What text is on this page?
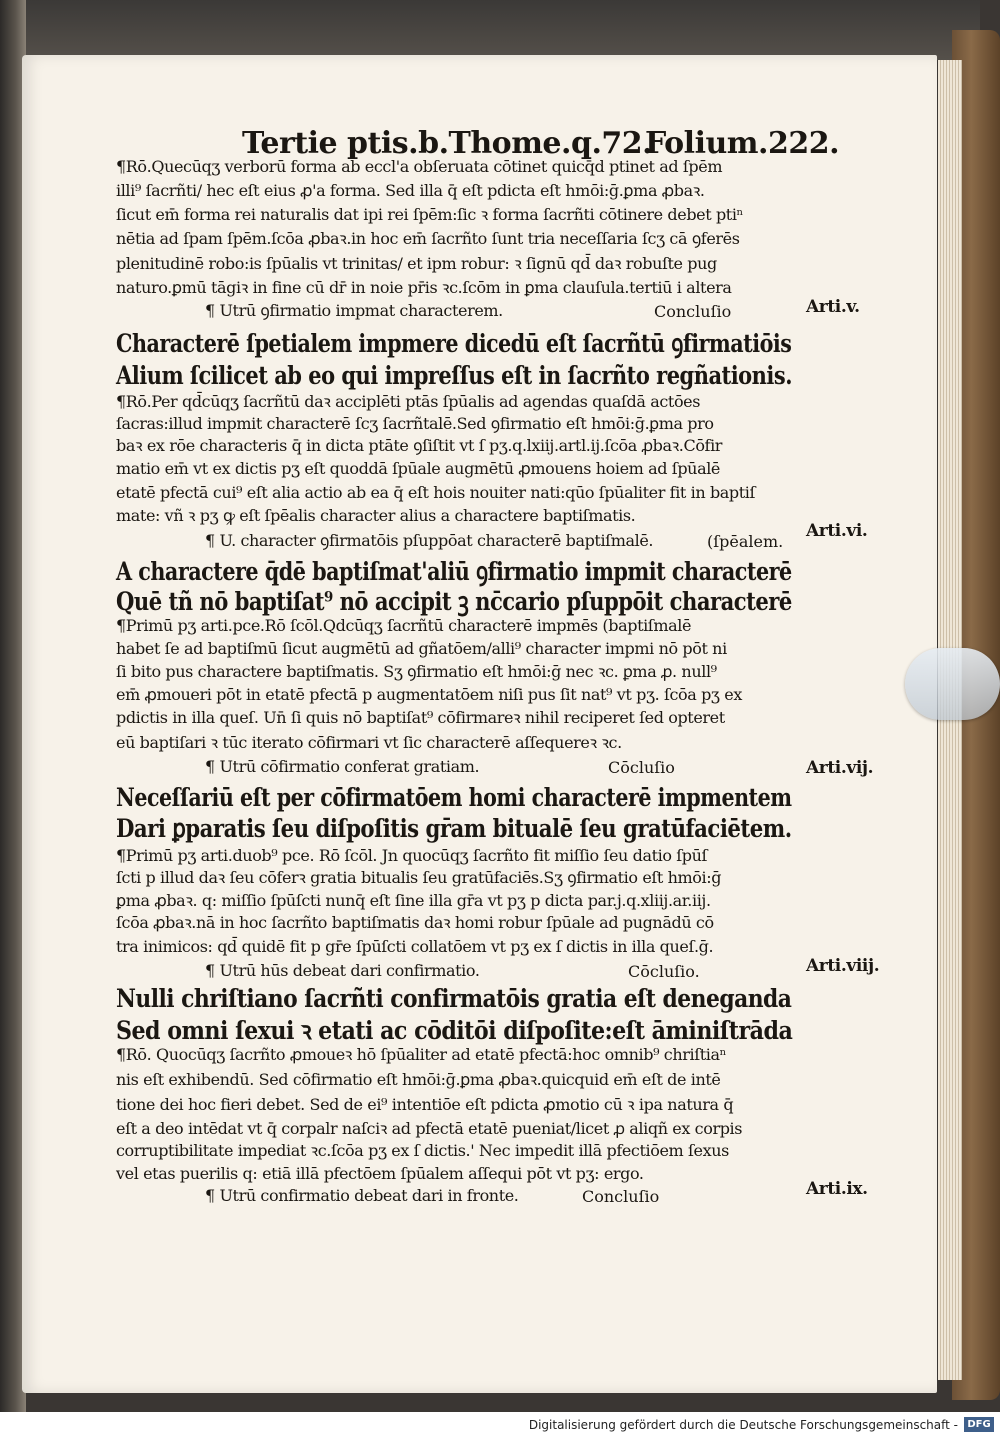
Tertie ptis.b.Thome.q.72.
Folium.222.
¶Rō.Quecūqʒ verborū forma ab eccl'a obſeruata cōtinet quicq̄d ptinet ad ſpēm
illi⁹ ſacrñti/ hec eſt eius ꝓ'a forma. Sed illa q̄ eſt pdicta eſt hmōi:ḡ.ꝑma ꝓbaꝛ.
ſicut em̄ forma rei naturalis dat ipi rei ſpēm:ſic ꝛ forma ſacrñti cōtinere debet ptiⁿ
nētia ad ſpam ſpēm.ſcōa ꝓbaꝛ.in hoc em̄ ſacrñto ſunt tria neceſſaria ſcʒ cā ꝯferēs
plenitudinē robo:is ſpūalis vt trinitas/ et ipm robur: ꝛ ſignū qd̄ daꝛ robuſte pug
naturo.ꝑmū tāgiꝛ in fine cū dr̄ in noie pr̄is ꝛc.ſcōm in ꝑma clauſula.tertiū i altera
¶ Utrū ꝯfirmatio impmat characterem.	Concluſio
Characterē ſpetialem impmere dicedū eſt ſacrñtū ꝯfirmatiōis
Alium ſcilicet ab eo qui impreſſus eſt in ſacrñto regñationis.
¶Rō.Per qd̄cūqʒ ſacrñtū daꝛ acciplēti ptās ſpūalis ad agendas quaſdā actōes
ſacras:illud impmit characterē ſcʒ ſacrñtalē.Sed ꝯfirmatio eſt hmōi:ḡ.ꝑma pro
baꝛ ex rōe characteris q̄ in dicta ptāte ꝯſiſtit vt ſ pʒ.q.lxiij.artl.ij.ſcōa ꝓbaꝛ.Cōfir
matio em̄ vt ex dictis pʒ eſt quoddā ſpūale augmētū ꝓmouens hoiem ad ſpūalē
etatē pfectā cui⁹ eſt alia actio ab ea q̄ eſt hois nouiter nati:qūo ſpūaliter fit in baptiſ
mate: vñ ꝛ pʒ ꝙ eſt ſpēalis character alius a charactere baptiſmatis.
¶ U. character ꝯfirmatōis pſuppōat characterē baptiſmalē.	(ſpēalem.
A charactere q̄dē baptiſmat'aliū ꝯfirmatio impmit characterē
Quē tñ nō baptiſat⁹ nō accipit ꝫ nc̄cario pſuppōit characterē
¶Primū pʒ arti.pce.Rō ſcōl.Qdcūqʒ ſacrñtū characterē impmēs (baptiſmalē
habet ſe ad baptiſmū ſicut augmētū ad gñatōem/alli⁹ character impmi nō pōt ni
ſi bito pus charactere baptiſmatis. Sʒ ꝯfirmatio eſt hmōi:ḡ nec ꝛc. ꝑma ꝓ. null⁹
em̄ ꝓmoueri pōt in etatē pfectā p augmentatōem niſi pus ſit nat⁹ vt pʒ. ſcōa pʒ ex
pdictis in illa queſ. Un̄ ſi quis nō baptiſat⁹ cōfirmareꝛ nihil reciperet ſed opteret
eū baptiſari ꝛ tūc iterato cōfirmari vt ſic characterē aſſequereꝛ ꝛc.
¶ Utrū cōfirmatio conferat gratiam.	Cōcluſio
Neceſſariū eſt per cōfirmatōem homi characterē impmentem
Dari ꝑparatis ſeu diſpoſitis gr̄am bitualē ſeu gratūfaciētem.
¶Primū pʒ arti.duob⁹ pce. Rō ſcōl. Jn quocūqʒ ſacrñto fit miſſio ſeu datio ſpūſ
ſcti p illud daꝛ ſeu cōferꝛ gratia bitualis ſeu gratūfaciēs.Sʒ ꝯfirmatio eſt hmōi:ḡ
ꝑma ꝓbaꝛ. q: miſſio ſpūſcti nunq̄ eſt ſine illa gr̄a vt pʒ p dicta par.j.q.xliij.ar.iij.
ſcōa ꝓbaꝛ.nā in hoc ſacrñto baptiſmatis daꝛ homi robur ſpūale ad pugnādū cō
tra inimicos: qd̄ quidē fit p gr̄e ſpūſcti collatōem vt pʒ ex ſ dictis in illa queſ.ḡ.
¶ Utrū hūs debeat dari confirmatio.	Cōcluſio.
Nulli chriſtiano ſacrñti confirmatōis gratia eſt deneganda
Sed omni ſexui ꝛ etati ac cōditōi diſpoſite:eſt āminiſtrāda
¶Rō. Quocūqʒ ſacrñto ꝓmoueꝛ hō ſpūaliter ad etatē pfectā:hoc omnib⁹ chriſtiaⁿ
nis eſt exhibendū. Sed cōfirmatio eſt hmōi:ḡ.ꝑma ꝓbaꝛ.quicquid em̄ eſt de intē
tione dei hoc fieri debet. Sed de ei⁹ intentiōe eſt pdicta ꝓmotio cū ꝛ ipa natura q̄
eſt a deo intēdat vt q̄ corpalr naſciꝛ ad pfectā etatē pueniat/licet ꝓ aliqñ ex corpis
corruptibilitate impediat ꝛc.ſcōa pʒ ex ſ dictis.' Nec impedit illā pfectiōem ſexus
vel etas puerilis q: etiā illā pfectōem ſpūalem aſſequi pōt vt pʒ: ergo.
¶ Utrū confirmatio debeat dari in fronte.	Concluſio
Arti.v.
Arti.vi.
Arti.vij.
Arti.viij.
Arti.ix.
Digitalisierung gefördert durch die Deutsche Forschungsgemeinschaft - DFG
